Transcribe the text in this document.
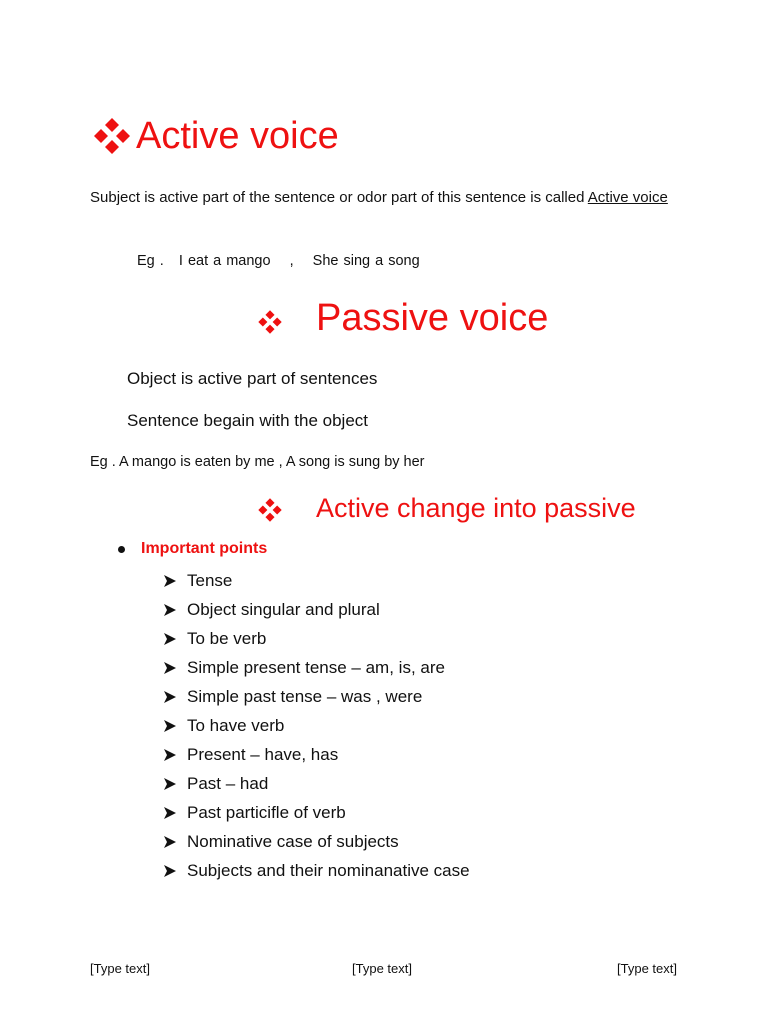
Active voice
Subject is active part of the sentence or odor part of this sentence is called Active voice
Eg . I eat a mango , She sing a song
Passive voice
Object is active part of sentences
Sentence begain with the object
Eg . A mango is eaten by me , A song is sung by her
Active change into passive
Important points
Tense
Object singular and plural
To be verb
Simple present tense – am, is, are
Simple past tense – was , were
To have verb
Present – have, has
Past – had
Past particifle of verb
Nominative case of subjects
Subjects and their nominanative case
[Type text]	[Type text]	[Type text]
